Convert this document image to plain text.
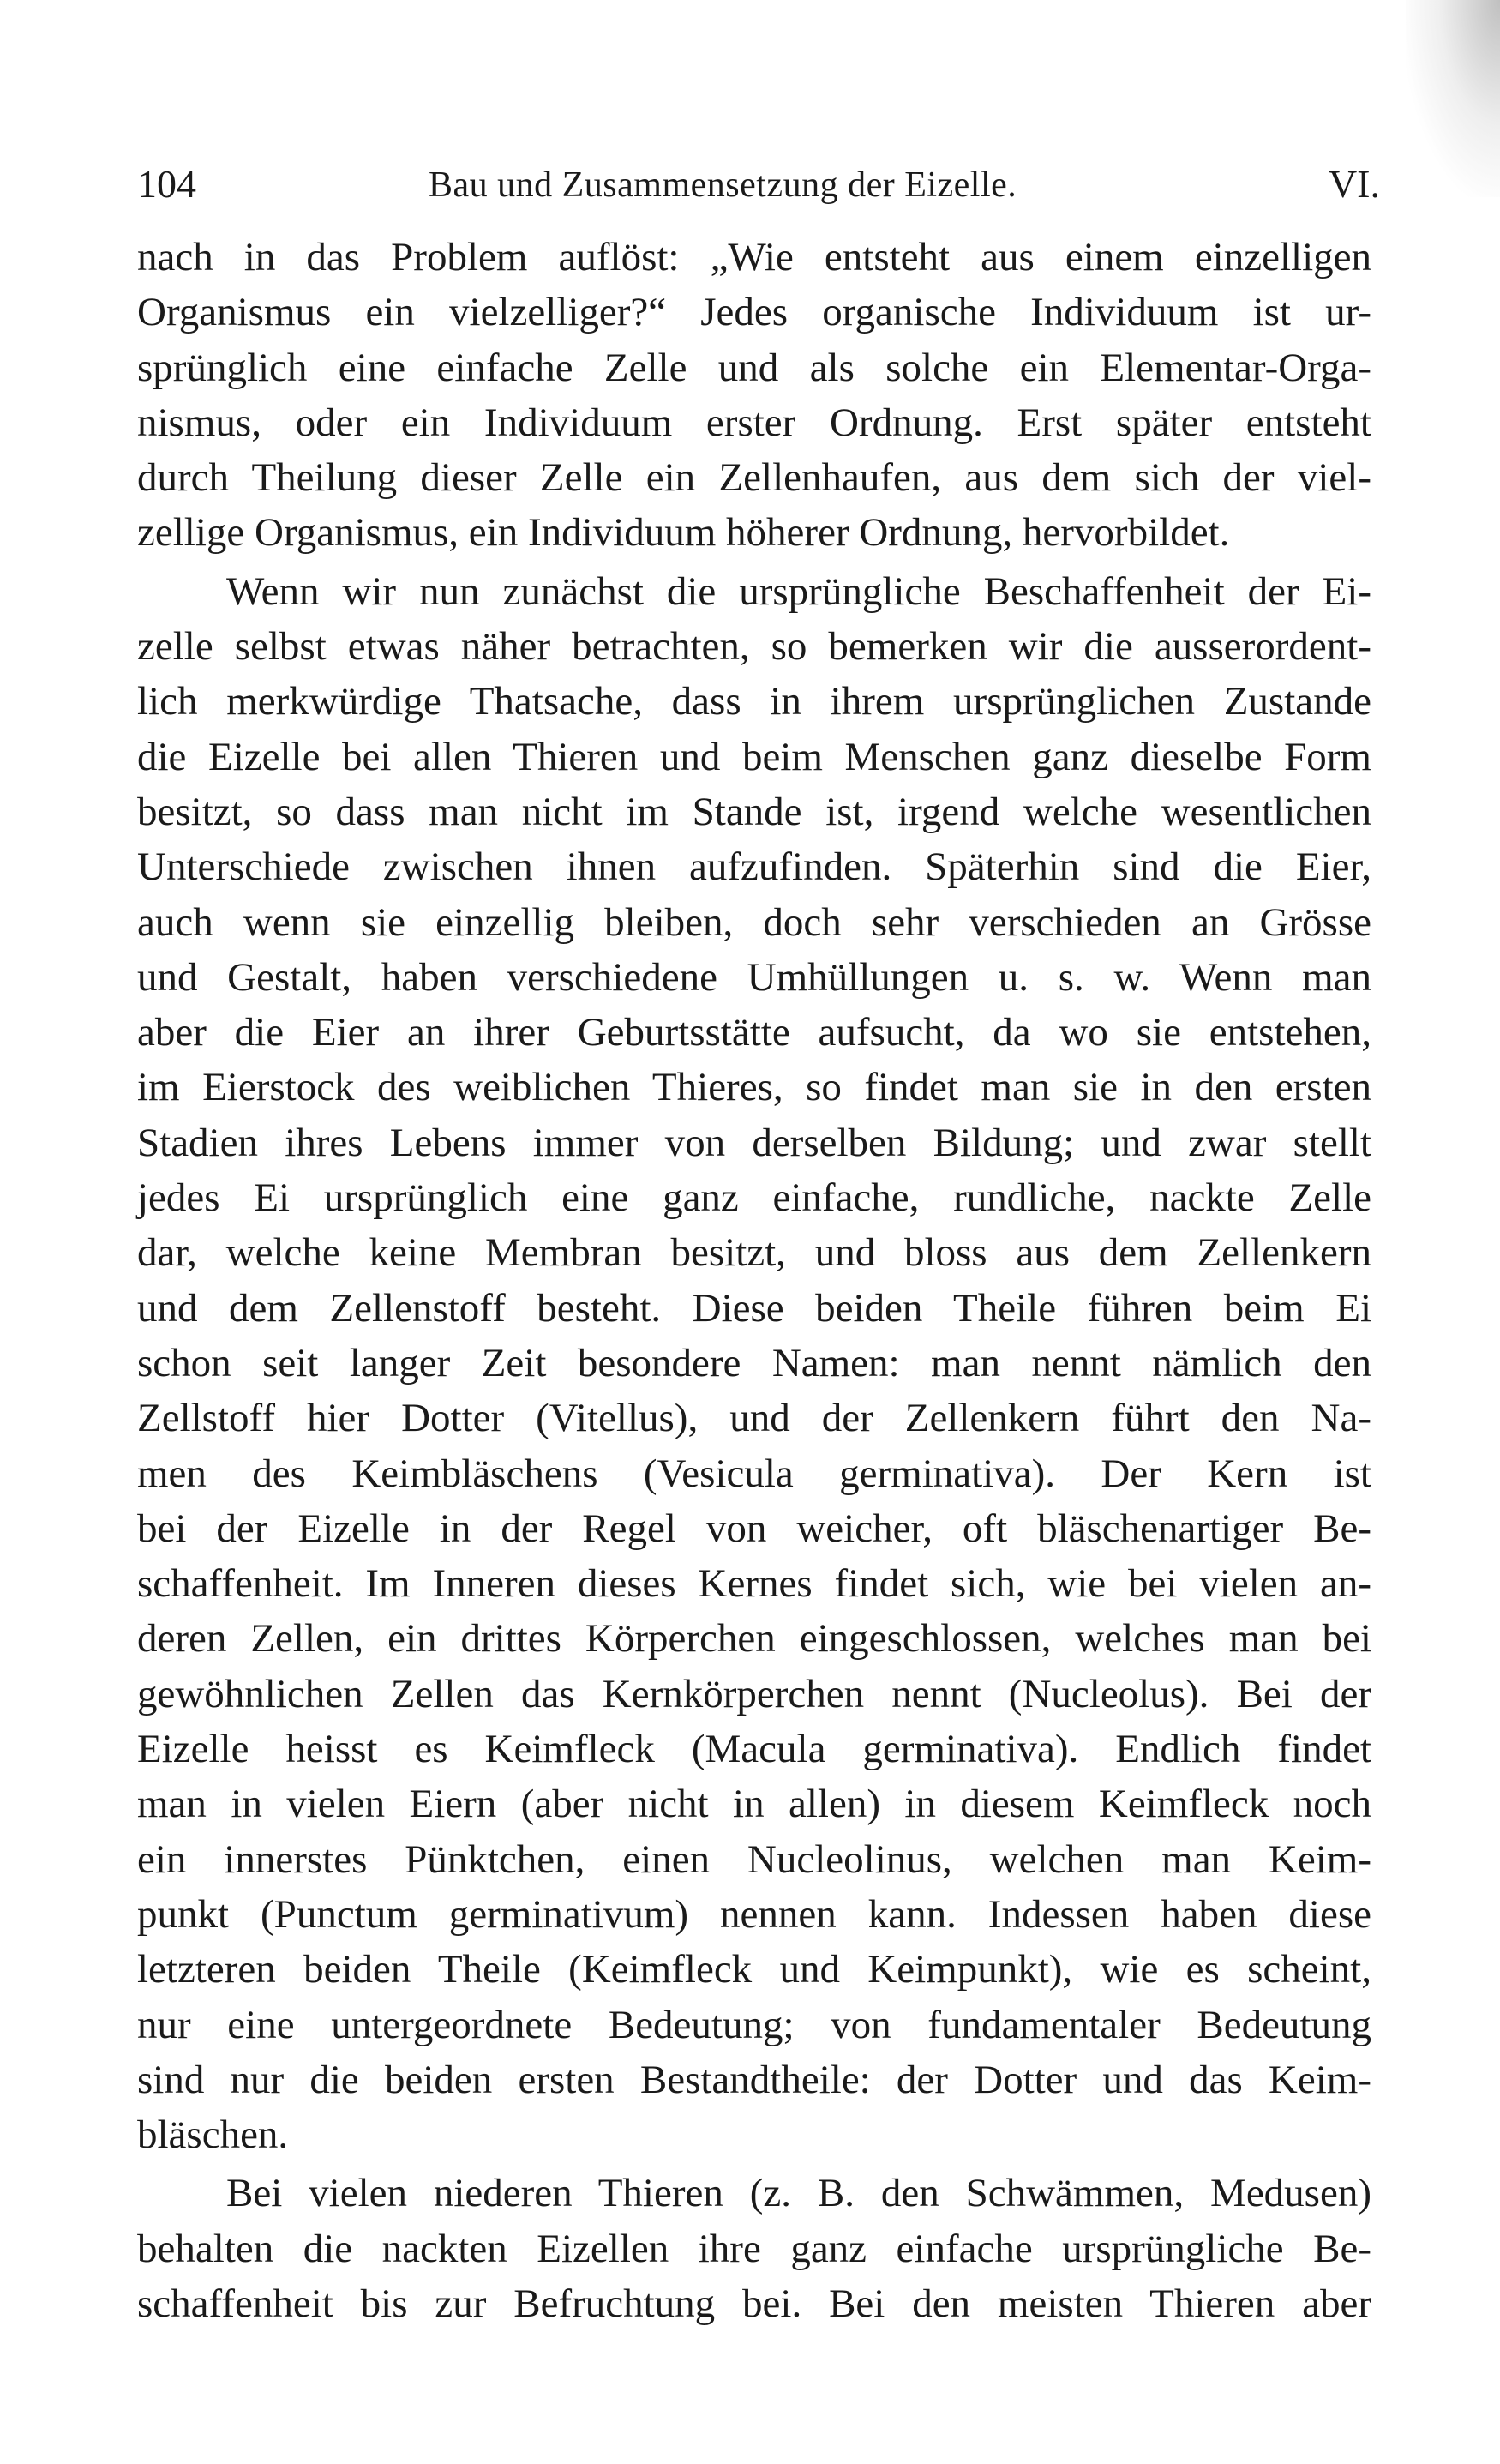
104	Bau und Zusammensetzung der Eizelle.	VI.
nach in das Problem auflöst: „Wie entsteht aus einem einzelligen
Organismus ein vielzelliger?“ Jedes organische Individuum ist ur-
sprünglich eine einfache Zelle und als solche ein Elementar-Orga-
nismus, oder ein Individuum erster Ordnung. Erst später entsteht
durch Theilung dieser Zelle ein Zellenhaufen, aus dem sich der viel-
zellige Organismus, ein Individuum höherer Ordnung, hervorbildet.
Wenn wir nun zunächst die ursprüngliche Beschaffenheit der Ei-
zelle selbst etwas näher betrachten, so bemerken wir die ausserordent-
lich merkwürdige Thatsache, dass in ihrem ursprünglichen Zustande
die Eizelle bei allen Thieren und beim Menschen ganz dieselbe Form
besitzt, so dass man nicht im Stande ist, irgend welche wesentlichen
Unterschiede zwischen ihnen aufzufinden. Späterhin sind die Eier,
auch wenn sie einzellig bleiben, doch sehr verschieden an Grösse
und Gestalt, haben verschiedene Umhüllungen u. s. w. Wenn man
aber die Eier an ihrer Geburtsstätte aufsucht, da wo sie entstehen,
im Eierstock des weiblichen Thieres, so findet man sie in den ersten
Stadien ihres Lebens immer von derselben Bildung; und zwar stellt
jedes Ei ursprünglich eine ganz einfache, rundliche, nackte Zelle
dar, welche keine Membran besitzt, und bloss aus dem Zellenkern
und dem Zellenstoff besteht. Diese beiden Theile führen beim Ei
schon seit langer Zeit besondere Namen: man nennt nämlich den
Zellstoff hier Dotter (Vitellus), und der Zellenkern führt den Na-
men des Keimbläschens (Vesicula germinativa). Der Kern ist
bei der Eizelle in der Regel von weicher, oft bläschenartiger Be-
schaffenheit. Im Inneren dieses Kernes findet sich, wie bei vielen an-
deren Zellen, ein drittes Körperchen eingeschlossen, welches man bei
gewöhnlichen Zellen das Kernkörperchen nennt (Nucleolus). Bei der
Eizelle heisst es Keimfleck (Macula germinativa). Endlich findet
man in vielen Eiern (aber nicht in allen) in diesem Keimfleck noch
ein innerstes Pünktchen, einen Nucleolinus, welchen man Keim-
punkt (Punctum germinativum) nennen kann. Indessen haben diese
letzteren beiden Theile (Keimfleck und Keimpunkt), wie es scheint,
nur eine untergeordnete Bedeutung; von fundamentaler Bedeutung
sind nur die beiden ersten Bestandtheile: der Dotter und das Keim-
bläschen.
Bei vielen niederen Thieren (z. B. den Schwämmen, Medusen)
behalten die nackten Eizellen ihre ganz einfache ursprüngliche Be-
schaffenheit bis zur Befruchtung bei. Bei den meisten Thieren aber
